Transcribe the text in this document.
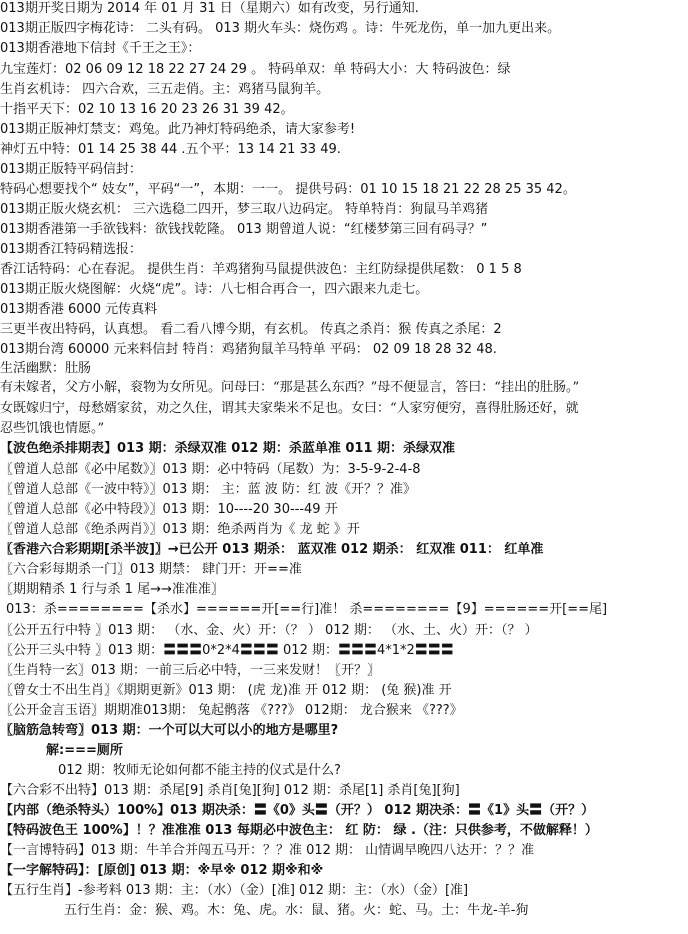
013期开奖日期为 2014 年 01 月 31 日（星期六）如有改变，另行通知.
013期正版四字梅花诗： 二头有码。 013 期火车头：烧伤鸡 。诗：牛死龙伤，单一加九更出来。
013期香港地下信封《千王之王》：
九宝莲灯：02 06 09 12 18 22 27 24 29 。 特码单双：单 特码大小：大 特码波色：绿
生肖玄机诗： 四六合欢，三五走俏。主：鸡猪马鼠狗羊。
十指平天下：02 10 13 16 20 23 26 31 39 42。
013期正版神灯禁支：鸡兔。此乃神灯特码绝杀，请大家参考!
神灯五中特：01 14 25 38 44 .五个平：13 14 21 33 49.
013期正版特平码信封：
特码心想要找个“ 妓女”，平码“一”，本期：一一。 提供号码：01 10 15 18 21 22 28 25 35 42。
013期正版火烧玄机： 三六选稳二四开，梦三取八边码定。 特单特肖：狗鼠马羊鸡猪
013期香港第一手欲钱料：欲钱找乾隆。 013 期曾道人说：“红楼梦第三回有码寻？”
013期香江特码精选报：
香江话特码：心在春泥。 提供生肖：羊鸡猪狗马鼠提供波色：主红防绿提供尾数： 0 1 5 8
013期正版火烧图解：火烧“虎”。诗：八七相合再合一，四六跟来九走七。
013期香港 6000 元传真料
三更半夜出特码，认真想。 看二看八博今期，有玄机。 传真之杀肖：猴 传真之杀尾：2
013期台湾 60000 元来料信封 特肖：鸡猪狗鼠羊马特单 平码： 02 09 18 28 32 48.
生活幽默：肚肠
有未嫁者，父方小解，衮物为女所见。问母曰：“那是甚么东西？”母不便显言，答曰：“挂出的肚肠。”
女既嫁归宁，母愁婿家贫，劝之久住，谓其夫家柴米不足也。女曰：“人家穷便穷，喜得肚肠还好，就
忍些饥饿也情愿。”
【波色绝杀排期表】013 期：杀绿双准 012 期：杀蓝单准 011 期：杀绿双准
〖曾道人总部《必中尾数》〗013 期：必中特码（尾数）为：3-5-9-2-4-8
〖曾道人总部《一波中特》〗013 期： 主：蓝 波 防：红 波《开？？准》
〖曾道人总部《必中特段》〗013 期：10----20 30---49 开
〖曾道人总部《绝杀两肖》〗013 期：绝杀两肖为《 龙 蛇 》开
〖香港六合彩期期[杀半波]〗→已公开 013 期杀： 蓝双准 012 期杀： 红双准 011： 红单准
〖六合彩每期杀一门〗013 期禁： 肆门开：开==准
〖期期精杀 1 行与杀 1 尾→→准准准〗
013：杀========【杀水】======开[==行]准！ 杀========【9】======开[==尾]
〖公开五行中特 〗013 期： （水、金、火）开：（？ ） 012 期： （水、土、火）开：（？ ）
〖公开三头中特 〗013 期：〓〓〓0*2*4〓〓〓 012 期：〓〓〓4*1*2〓〓〓
〖生肖特一玄〗013 期：一前三后必中特，一三来发财！〖开？〗
〖曾女士不出生肖〗《期期更新》013 期： (虎 龙)准 开 012 期： (兔 猴)准 开
〖公开金言玉语〗期期准013期： 兔起鹘落 《???》 012期： 龙合猴来 《???》
〖脑筋急转弯〗013 期：一个可以大可以小的地方是哪里?
解:===厕所
012 期：牧师无论如何都不能主持的仪式是什么?
【六合彩不出特】013 期：杀尾[9] 杀肖[兔][狗] 012 期：杀尾[1] 杀肖[兔][狗]
【内部（绝杀特头）100%】013 期决杀：〓《0》头〓（开？） 012 期决杀：〓《1》头〓（开？）
【特码波色王 100%】！？准准准 013 每期必中波色主： 红 防： 绿 .（注：只供参考，不做解释！）
【一言博特码】013 期：牛羊合并闯五马开：？？准 012 期： 山情调早晚四八达开：？？准
【一字解特码】：[原创] 013 期：※早※ 012 期※和※
【五行生肖】-参考料 013 期：主：（水）（金）[准] 012 期：主：（水）（金）[准]
五行生肖：金：猴、鸡。木：兔、虎。水：鼠、猪。火：蛇、马。土：牛龙-羊-狗
